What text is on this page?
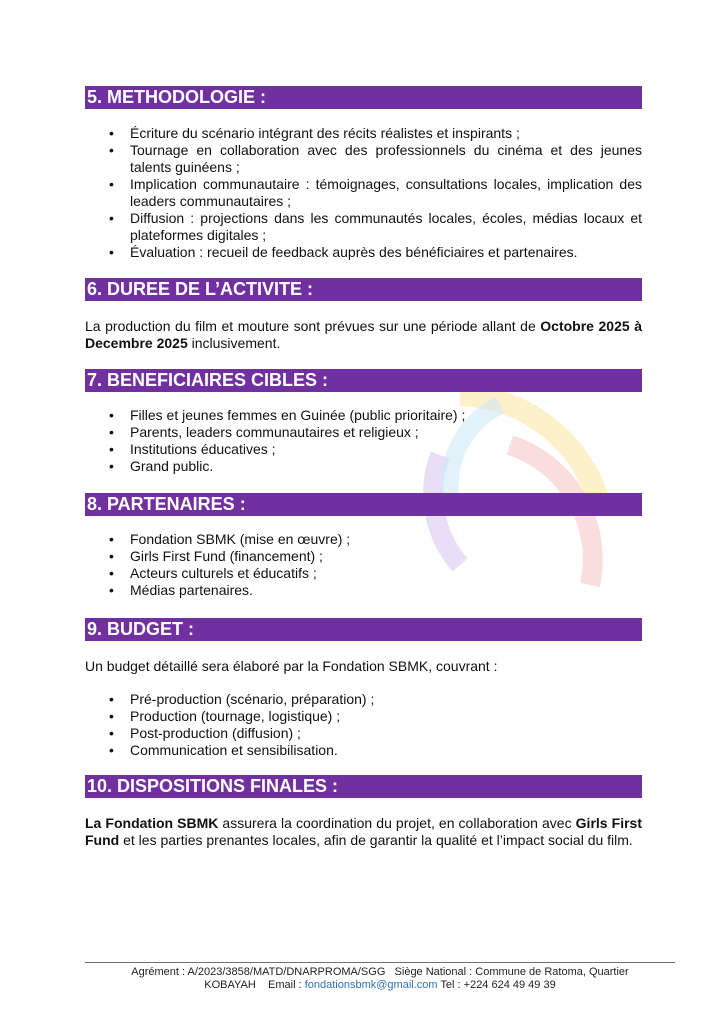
5. METHODOLOGIE :
• Écriture du scénario intégrant des récits réalistes et inspirants ;
• Tournage en collaboration avec des professionnels du cinéma et des jeunes talents guinéens ;
• Implication communautaire : témoignages, consultations locales, implication des leaders communautaires ;
• Diffusion : projections dans les communautés locales, écoles, médias locaux et plateformes digitales ;
• Évaluation : recueil de feedback auprès des bénéficiaires et partenaires.
6. DUREE DE L’ACTIVITE :

La production du film et mouture sont prévues sur une période allant de Octobre 2025 à Decembre 2025 inclusivement.

7. BENEFICIAIRES CIBLES :
• Filles et jeunes femmes en Guinée (public prioritaire) ;
• Parents, leaders communautaires et religieux ;
• Institutions éducatives ;
• Grand public.
8. PARTENAIRES :
• Fondation SBMK (mise en œuvre) ;
• Girls First Fund (financement) ;
• Acteurs culturels et éducatifs ;
• Médias partenaires.
9. BUDGET :

Un budget détaillé sera élaboré par la Fondation SBMK, couvrant :

• Pré-production (scénario, préparation) ;
• Production (tournage, logistique) ;
• Post-production (diffusion) ;
• Communication et sensibilisation.
10. DISPOSITIONS FINALES :

La Fondation SBMK assurera la coordination du projet, en collaboration avec Girls First Fund et les parties prenantes locales, afin de garantir la qualité et l’impact social du film.

Agrément : A/2023/3858/MATD/DNARPROMA/SGG   Siège National : Commune de Ratoma, Quartier
KOBAYAH    Email : fondationsbmk@gmail.com Tel : +224 624 49 49 39
